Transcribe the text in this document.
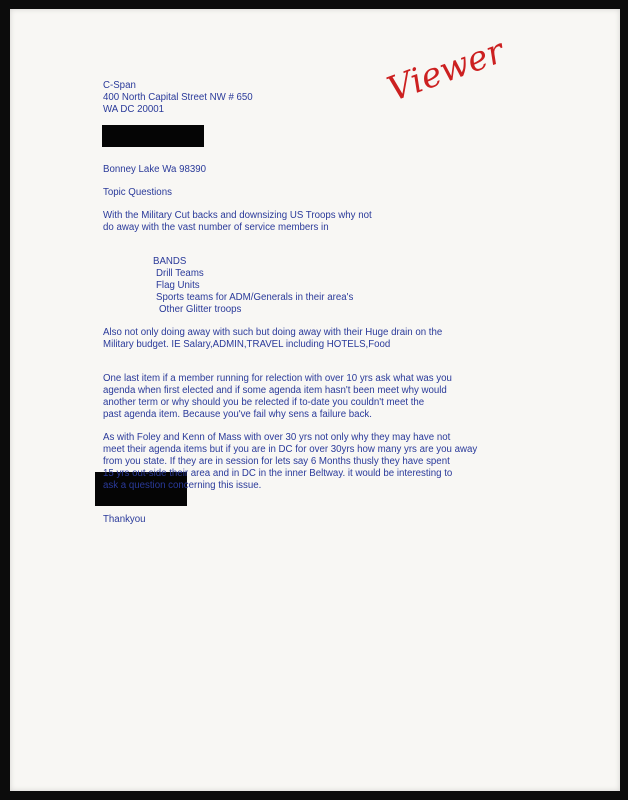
Viewer
C-Span
400 North Capital Street NW # 650
WA DC 20001
Bonney Lake Wa 98390
Topic Questions
With the Military Cut backs and downsizing US Troops why not
do away with the vast number of service members in
BANDS
Drill Teams
Flag Units
Sports teams for ADM/Generals in their area's
Other Glitter troops
Also not only doing away with such but doing away with their Huge drain on the
Military budget. IE Salary,ADMIN,TRAVEL including HOTELS,Food
One last item if a member running for relection with over 10 yrs ask what was you
agenda when first elected and if some agenda item hasn't been meet why would
another term or why should you be relected if to-date you couldn't meet the
past agenda item. Because you've fail why sens a failure back.
As with Foley and Kenn of Mass with over 30 yrs not only why they may have not
meet their agenda items but if you are in DC for over 30yrs how many yrs are you away
from you state. If they are in session for lets say 6 Months thusly they have spent
15 yrs out-side their area and in DC in the inner Beltway. it would be interesting to
ask a question concerning this issue.
Thankyou
